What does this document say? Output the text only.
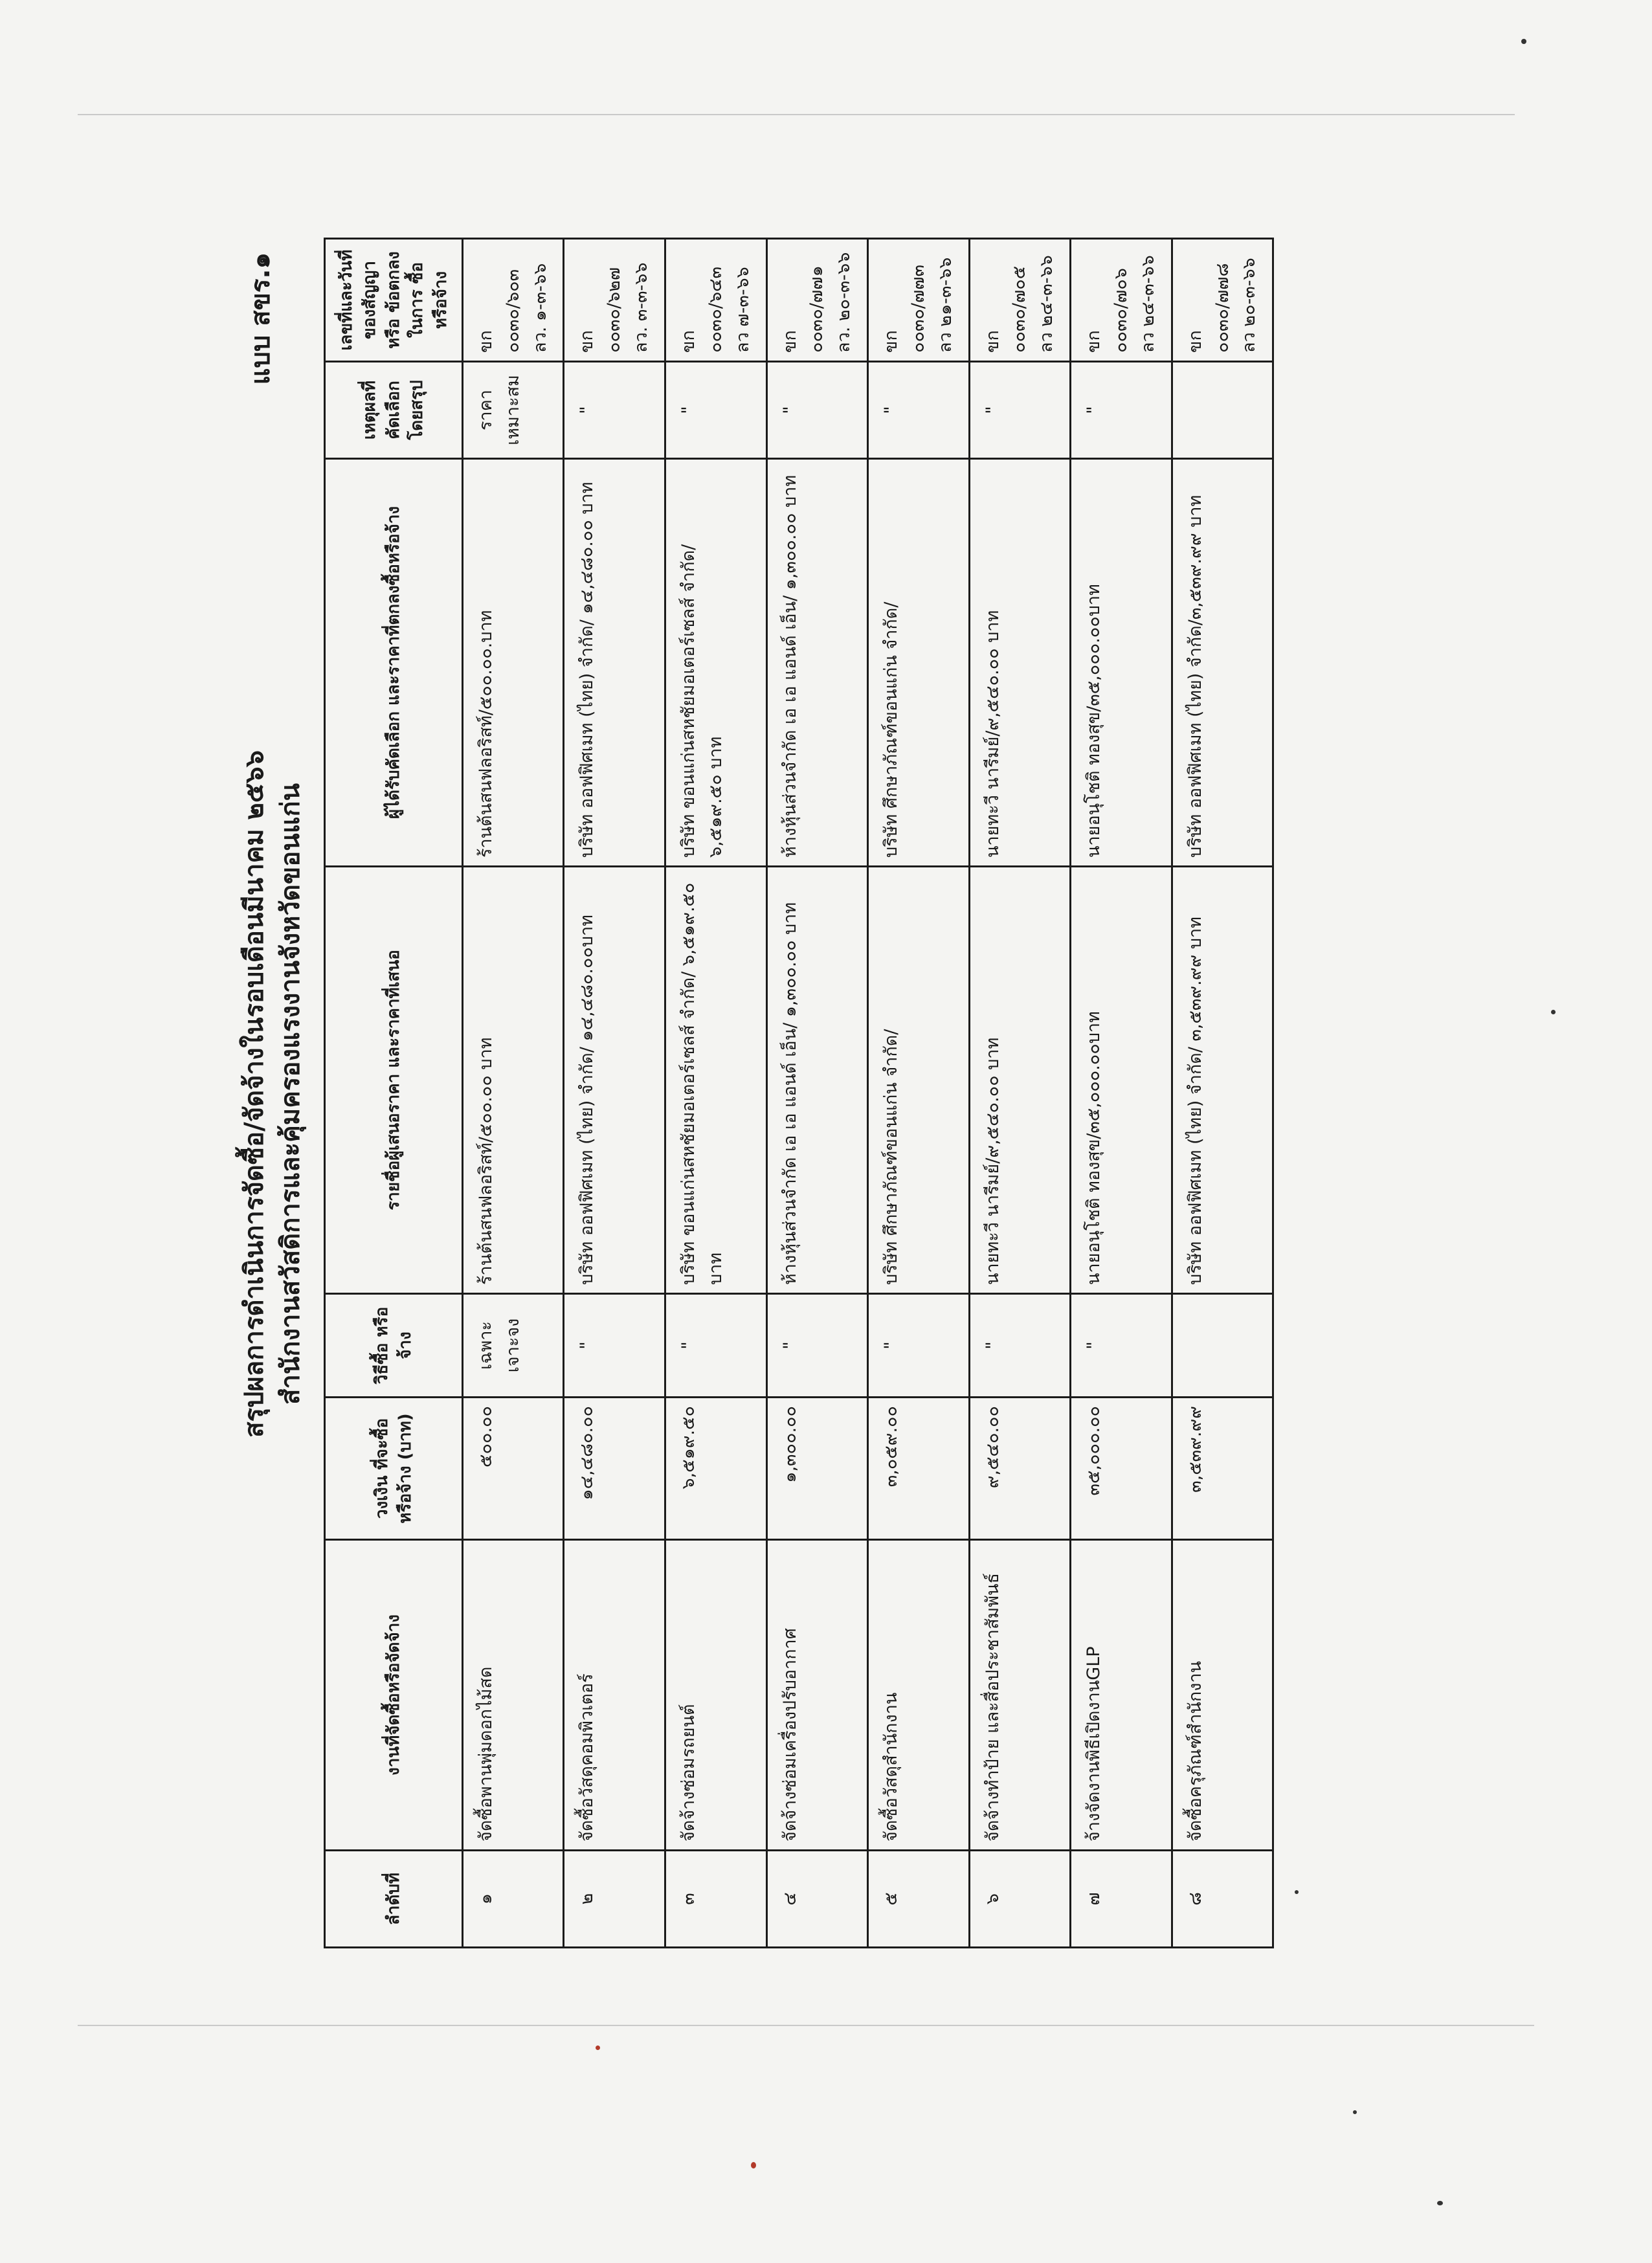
แบบ สขร.๑
สรุปผลการดำเนินการจัดซื้อ/จัดจ้างในรอบเดือนมีนาคม ๒๕๖๖ สำนักงานสวัสดิการและคุ้มครองแรงงานจังหวัดขอนแก่น
ลำดับที่	งานที่จัดซื้อหรือจัดจ้าง	วงเงิน ที่จะซื้อ หรือจ้าง (บาท)	วิธีซื้อ หรือจ้าง	รายชื่อผู้เสนอราคา และราคาที่เสนอ	ผู้ได้รับคัดเลือก และราคาที่ตกลงซื้อหรือจ้าง	เหตุผลที่ คัดเลือก โดยสรุป	เลขที่และวันที่ ของสัญญาหรือ ข้อตกลงในการ ซื้อหรือจ้าง
๑	จัดซื้อพานพุ่มดอกไม้สด	๕๐๐.๐๐	เฉพาะเจาะจง	ร้านต้นสนฟลอริสท์/๕๐๐.๐๐ บาท	ร้านต้นสนฟลอริสท์/๕๐๐.๐๐.บาท	ราคา เหมาะสม	ขก ๐๐๓๐/๖๐๓ ลว. ๑-๓-๖๖
๒	จัดซื้อวัสดุคอมพิวเตอร์	๑๔,๔๘๐.๐๐	"	บริษัท ออฟฟิศเมท (ไทย) จำกัด/ ๑๔,๔๘๐.๐๐บาท	บริษัท ออฟฟิศเมท (ไทย) จำกัด/ ๑๔,๔๘๐.๐๐ บาท	"	ขก ๐๐๓๐/๖๒๗ ลว. ๓-๓-๖๖
๓	จัดจ้างซ่อมรถยนต์	๖,๕๑๙.๕๐	"	บริษัท ขอนแก่นสหชัยมอเตอร์เซลส์ จำกัด/ ๖,๕๑๙.๕๐ บาท	บริษัท ขอนแก่นสหชัยมอเตอร์เซลส์ จำกัด/ ๖,๕๑๙.๕๐ บาท	"	ขก ๐๐๓๐/๖๔๓ ลว ๗-๓-๖๖
๔	จัดจ้างซ่อมเครื่องปรับอากาศ	๑,๓๐๐.๐๐	"	ห้างหุ้นส่วนจำกัด เอ เอ แอนด์ เอ็น/ ๑,๓๐๐.๐๐ บาท	ห้างหุ้นส่วนจำกัด เอ เอ แอนด์ เอ็น/ ๑,๓๐๐.๐๐ บาท	"	ขก ๐๐๓๐/๗๗๑ ลว. ๒๐-๓-๖๖
๕	จัดซื้อวัสดุสำนักงาน	๓,๐๕๙.๐๐	"	บริษัท ศึกษาภัณฑ์ขอนแก่น จำกัด/	บริษัท ศึกษาภัณฑ์ขอนแก่น จำกัด/	"	ขก ๐๐๓๐/๗๗๓ ลว ๒๑-๓-๖๖
๖	จัดจ้างทำป้าย และสื่อประชาสัมพันธ์	๙,๕๔๐.๐๐	"	นายทะวี นารีมย์/๙,๕๔๐.๐๐ บาท	นายทะวี นารีมย์/๙,๕๔๐.๐๐ บาท	"	ขก ๐๐๓๐/๗๐๕ ลว ๒๔-๓-๖๖
๗	จ้างจัดงานพิธีเปิดงานGLP	๓๕,๐๐๐.๐๐	"	นายอนุโชติ ทองสุข/๓๕,๐๐๐.๐๐บาท	นายอนุโชติ ทองสุข/๓๕,๐๐๐.๐๐บาท	"	ขก ๐๐๓๐/๗๐๖ ลว ๒๔-๓-๖๖
๘	จัดซื้อครุภัณฑ์สำนักงาน	๓,๕๓๙.๙๙		บริษัท ออฟฟิศเมท (ไทย) จำกัด/ ๓,๕๓๙.๙๙ บาท	บริษัท ออฟฟิศเมท (ไทย) จำกัด/๓,๕๓๙.๙๙ บาท		ขก ๐๐๓๐/๗๗๘ ลว ๒๐-๓-๖๖
